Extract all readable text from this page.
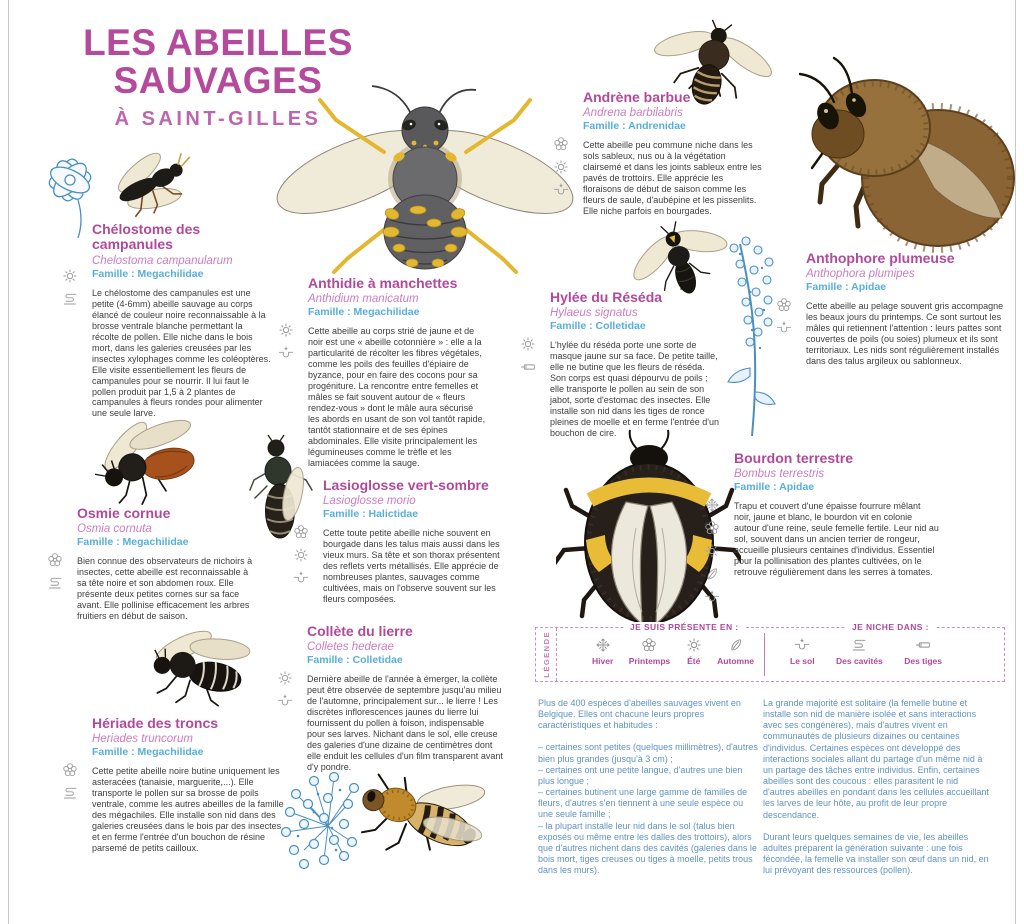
LES ABEILLES
SAUVAGES
À SAINT-GILLES
Chélostome des campanules
Chelostoma campanularum
Famille : Megachilidae

Le chélostome des campanules est une petite (4-6mm) abeille sauvage au corps élancé de couleur noire reconnaissable à la brosse ventrale blanche permettant la récolte de pollen. Elle niche dans le bois mort, dans les galeries creusées par les insectes xylophages comme les coléoptères. Elle visite essentiellement les fleurs de campanules pour se nourrir. Il lui faut le pollen produit par 1,5 à 2 plantes de campanules à fleurs rondes pour alimenter une seule larve.

Anthidie à manchettes
Anthidium manicatum
Famille : Megachilidae

Cette abeille au corps strié de jaune et de noir est une « abeille cotonnière » : elle a la particularité de récolter les fibres végétales, comme les poils des feuilles d'épiaire de byzance, pour en faire des cocons pour sa progéniture. La rencontre entre femelles et mâles se fait souvent autour de « fleurs rendez-vous » dont le mâle aura sécurisé les abords en usant de son vol tantôt rapide, tantôt stationnaire et de ses épines abdominales. Elle visite principalement les légumineuses comme le trèfle et les lamiacées comme la sauge.

Andrène barbue
Andrena barbilabris
Famille : Andrenidae

Cette abeille peu commune niche dans les sols sableux, nus ou à la végétation clairsemé et dans les joints sableux entre les pavés de trottoirs. Elle apprécie les floraisons de début de saison comme les fleurs de saule, d'aubépine et les pissenlits. Elle niche parfois en bourgades.

Hylée du Réséda
Hylaeus signatus
Famille : Colletidae

L'hylée du réséda porte une sorte de masque jaune sur sa face. De petite taille, elle ne butine que les fleurs de réséda. Son corps est quasi dépourvu de poils ; elle transporte le pollen au sein de son jabot, sorte d'estomac des insectes. Elle installe son nid dans les tiges de ronce pleines de moelle et en ferme l'entrée d'un bouchon de cire.

Anthophore plumeuse
Anthophora plumipes
Famille : Apidae

Cette abeille au pelage souvent gris accompagne les beaux jours du printemps. Ce sont surtout les mâles qui retiennent l'attention : leurs pattes sont couvertes de poils (ou soies) plumeux et ils sont territoriaux. Les nids sont régulièrement installés dans des talus argileux ou sablonneux.

Osmie cornue
Osmia cornuta
Famille : Megachilidae

Bien connue des observateurs de nichoirs à insectes, cette abeille est reconnaissable à sa tête noire et son abdomen roux. Elle présente deux petites cornes sur sa face avant. Elle pollinise efficacement les arbres fruitiers en début de saison.

Lasioglosse vert-sombre
Lasioglosse morio
Famille : Halictidae

Cette toute petite abeille niche souvent en bourgade dans les talus mais aussi dans les vieux murs. Sa tête et son thorax présentent des reflets verts métallisés. Elle apprécie de nombreuses plantes, sauvages comme cultivées, mais on l'observe souvent sur les fleurs composées.

Collète du lierre
Colletes hederae
Famille : Colletidae

Dernière abeille de l'année à émerger, la collète peut être observée de septembre jusqu'au milieu de l'automne, principalement sur... le lierre ! Les discrètes inflorescences jaunes du lierre lui fournissent du pollen à foison, indispensable pour ses larves. Nichant dans le sol, elle creuse des galeries d'une dizaine de centimètres dont elle enduit les cellules d'un film transparent avant d'y pondre.

Hériade des troncs
Heriades truncorum
Famille : Megachilidae

Cette petite abeille noire butine uniquement les asteracées (tanaisie, marguerite,...). Elle transporte le pollen sur sa brosse de poils ventrale, comme les autres abeilles de la famille des mégachiles. Elle installe son nid dans des galeries creusées dans le bois par des insectes et en ferme l'entrée d'un bouchon de résine parsemé de petits cailloux.

Bourdon terrestre
Bombus terrestris
Famille : Apidae

Trapu et couvert d'une épaisse fourrure mêlant noir, jaune et blanc, le bourdon vit en colonie autour d'une reine, seule femelle fertile. Leur nid au sol, souvent dans un ancien terrier de rongeur, accueille plusieurs centaines d'individus. Essentiel pour la pollinisation des plantes cultivées, on le retrouve régulièrement dans les serres à tomates.

LÉGENDE
JE SUIS PRÉSENTE EN :	JE NICHE DANS :
Hiver Printemps Été Automne	Le sol	Des cavités	Des tiges

Plus de 400 espèces d'abeilles sauvages vivent en Belgique. Elles ont chacune leurs propres caractéristiques et habitudes :

– certaines sont petites (quelques millimètres), d'autres bien plus grandes (jusqu'à 3 cm) ;

– certaines ont une petite langue, d'autres une bien plus longue ;

– certaines butinent une large gamme de familles de fleurs, d'autres s'en tiennent à une seule espèce ou une seule famille ;

– la plupart installe leur nid dans le sol (talus bien exposés ou même entre les dalles des trottoirs), alors que d'autres nichent dans des cavités (galeries dans le bois mort, tiges creuses ou tiges à moelle, petits trous dans les murs).

La grande majorité est solitaire (la femelle butine et installe son nid de manière isolée et sans interactions avec ses congénères), mais d'autres vivent en communautés de plusieurs dizaines ou centaines d'individus. Certaines espèces ont développé des interactions sociales allant du partage d'un même nid à un partage des tâches entre individus. Enfin, certaines abeilles sont des coucous : elles parasitent le nid d'autres abeilles en pondant dans les cellules accueillant les larves de leur hôte, au profit de leur propre descendance.

Durant leurs quelques semaines de vie, les abeilles adultes préparent la génération suivante : une fois fécondée, la femelle va installer son œuf dans un nid, en lui prévoyant des ressources (pollen).
